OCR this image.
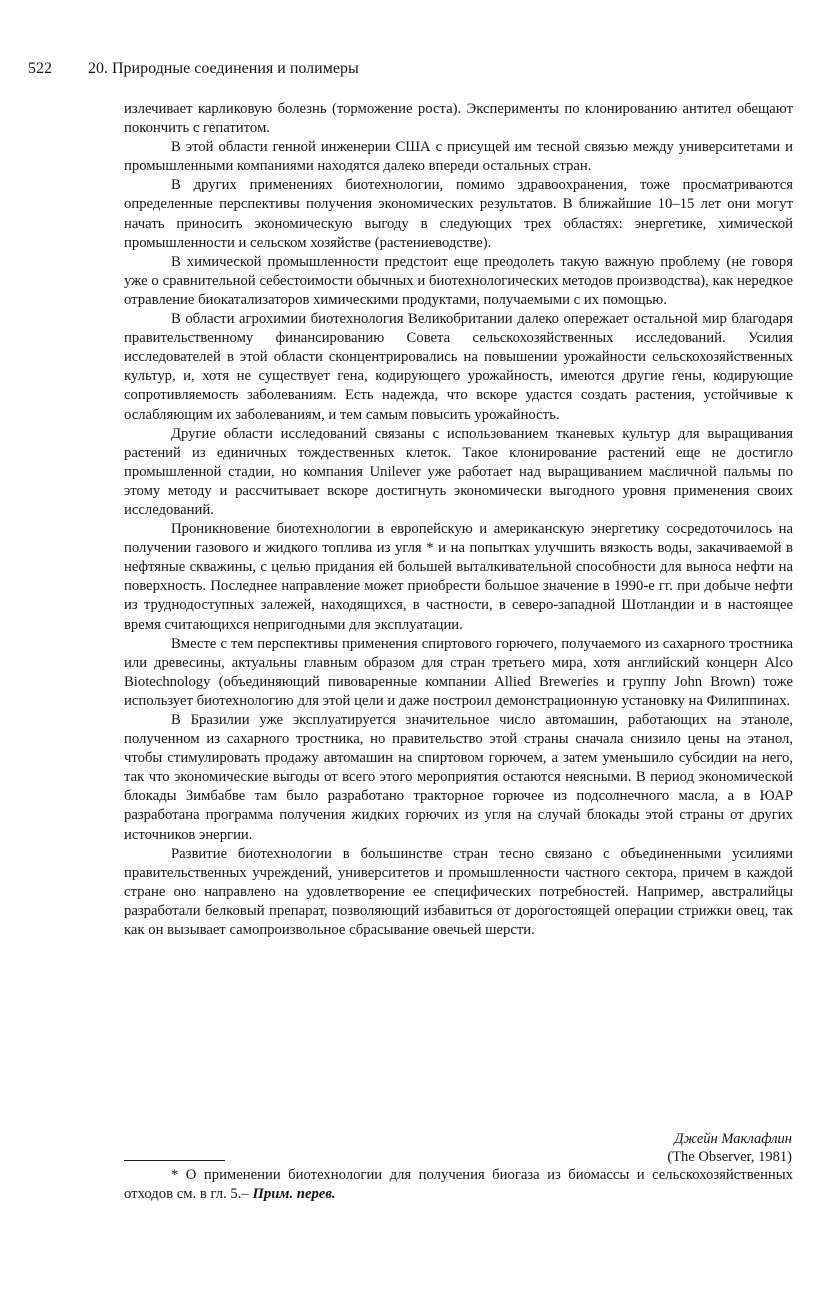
522 20. Природные соединения и полимеры

излечивает карликовую болезнь (торможение роста). Эксперименты по клонированию антител обещают покончить с гепатитом.

В этой области генной инженерии США с присущей им тесной связью между университетами и промышленными компаниями находятся далеко впереди остальных стран.

В других применениях биотехнологии, помимо здравоохранения, тоже просматриваются определенные перспективы получения экономических результатов. В ближайшие 10–15 лет они могут начать приносить экономическую выгоду в следующих трех областях: энергетике, химической промышленности и сельском хозяйстве (растениеводстве).

В химической промышленности предстоит еще преодолеть такую важную проблему (не говоря уже о сравнительной себестоимости обычных и биотехнологических методов производства), как нередкое отравление биокатализаторов химическими продуктами, получаемыми с их помощью.

В области агрохимии биотехнология Великобритании далеко опережает остальной мир благодаря правительственному финансированию Совета сельскохозяйственных исследований. Усилия исследователей в этой области сконцентрировались на повышении урожайности сельскохозяйственных культур, и, хотя не существует гена, кодирующего урожайность, имеются другие гены, кодирующие сопротивляемость заболеваниям. Есть надежда, что вскоре удастся создать растения, устойчивые к ослабляющим их заболеваниям, и тем самым повысить урожайность.

Другие области исследований связаны с использованием тканевых культур для выращивания растений из единичных тождественных клеток. Такое клонирование растений еще не достигло промышленной стадии, но компания Unilever уже работает над выращиванием масличной пальмы по этому методу и рассчитывает вскоре достигнуть экономически выгодного уровня применения своих исследований.

Проникновение биотехнологии в европейскую и американскую энергетику сосредоточилось на получении газового и жидкого топлива из угля * и на попытках улучшить вязкость воды, закачиваемой в нефтяные скважины, с целью придания ей большей выталкивательной способности для выноса нефти на поверхность. Последнее направление может приобрести большое значение в 1990-е гг. при добыче нефти из труднодоступных залежей, находящихся, в частности, в северо-западной Шотландии и в настоящее время считающихся непригодными для эксплуатации.

Вместе с тем перспективы применения спиртового горючего, получаемого из сахарного тростника или древесины, актуальны главным образом для стран третьего мира, хотя английский концерн Alco Biotechnology (объединяющий пивоваренные компании Allied Breweries и группу John Brown) тоже использует биотехнологию для этой цели и даже построил демонстрационную установку на Филиппинах.

В Бразилии уже эксплуатируется значительное число автомашин, работающих на этаноле, полученном из сахарного тростника, но правительство этой страны сначала снизило цены на этанол, чтобы стимулировать продажу автомашин на спиртовом горючем, а затем уменьшило субсидии на него, так что экономические выгоды от всего этого мероприятия остаются неясными. В период экономической блокады Зимбабве там было разработано тракторное горючее из подсолнечного масла, а в ЮАР разработана программа получения жидких горючих из угля на случай блокады этой страны от других источников энергии.

Развитие биотехнологии в большинстве стран тесно связано с объединенными усилиями правительственных учреждений, университетов и промышленности частного сектора, причем в каждой стране оно направлено на удовлетворение ее специфических потребностей. Например, австралийцы разработали белковый препарат, позволяющий избавиться от дорогостоящей операции стрижки овец, так как он вызывает самопроизвольное сбрасывание овечьей шерсти.

Джейн Маклафлин
(The Observer, 1981)
* О применении биотехнологии для получения биогаза из биомассы и сельскохозяйственных отходов см. в гл. 5.– Прим. перев.
